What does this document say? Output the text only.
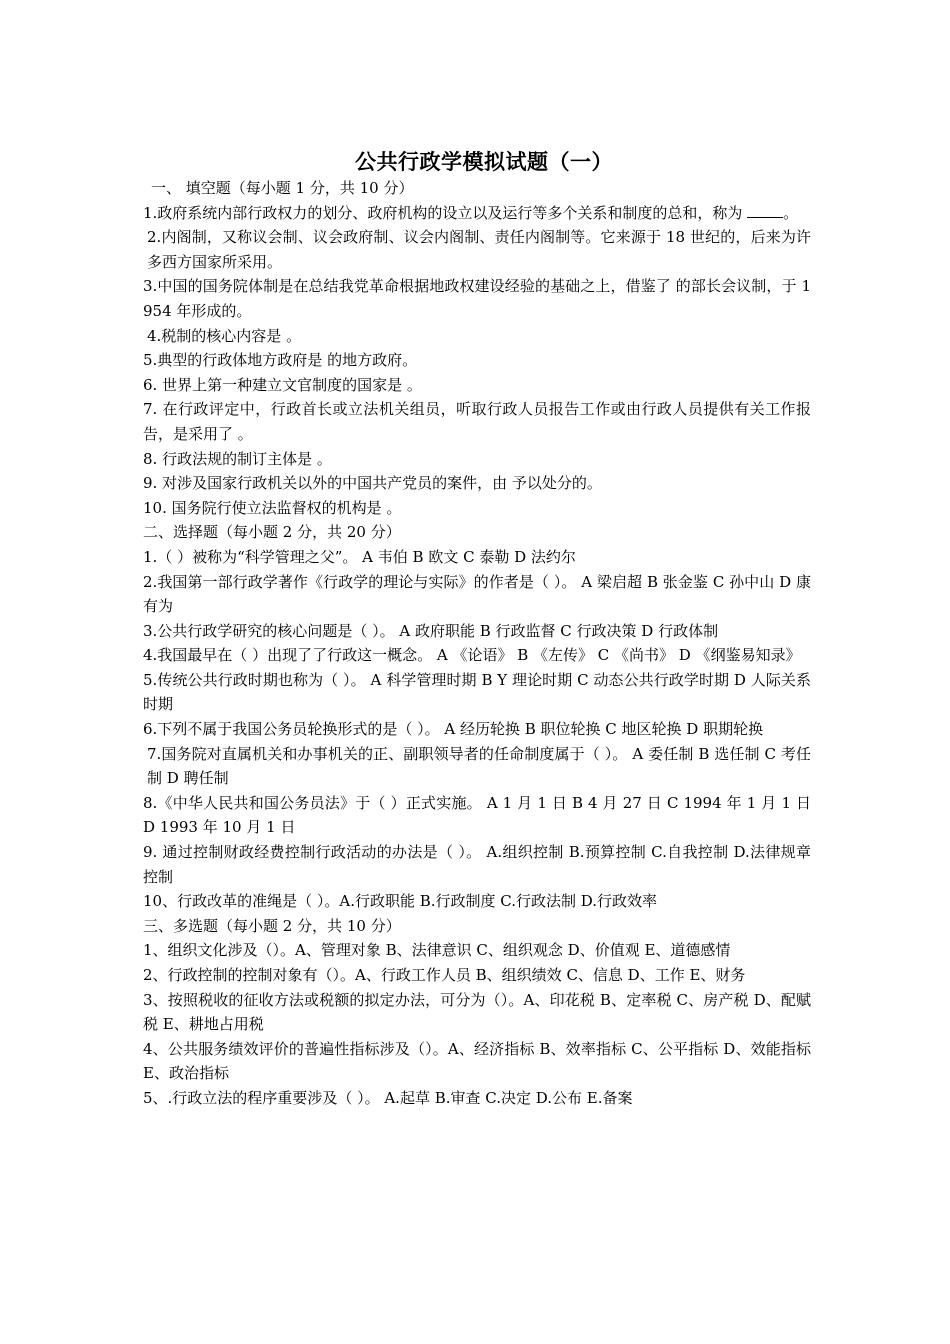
公共行政学模拟试题（一）

一、 填空题（每小题 1 分，共 10 分）

1.政府系统内部行政权力的划分、政府机构的设立以及运行等多个关系和制度的总和，称为 。

2.内阁制，又称议会制、议会政府制、议会内阁制、责任内阁制等。它来源于 18 世纪的，后来为许多西方国家所采用。

3.中国的国务院体制是在总结我党革命根据地政权建设经验的基础之上，借鉴了 的部长会议制，于 1954 年形成的。

4.税制的核心内容是 。

5.典型的行政体地方政府是 的地方政府。

6. 世界上第一种建立文官制度的国家是 。

7. 在行政评定中，行政首长或立法机关组员，听取行政人员报告工作或由行政人员提供有关工作报告，是采用了 。

8. 行政法规的制订主体是 。

9. 对涉及国家行政机关以外的中国共产党员的案件，由 予以处分的。

10. 国务院行使立法监督权的机构是 。

二、选择题（每小题 2 分，共 20 分）

1.（ ）被称为“科学管理之父”。 A 韦伯 B 欧文 C 泰勒 D 法约尔

2.我国第一部行政学著作《行政学的理论与实际》的作者是（ ）。 A 梁启超 B 张金鉴 C 孙中山 D 康有为

3.公共行政学研究的核心问题是（ ）。 A 政府职能 B 行政监督 C 行政决策 D 行政体制

4.我国最早在（ ）出现了了行政这一概念。 A 《论语》 B 《左传》 C 《尚书》 D 《纲鉴易知录》

5.传统公共行政时期也称为（ ）。 A 科学管理时期 B Y 理论时期 C 动态公共行政学时期 D 人际关系时期

6.下列不属于我国公务员轮换形式的是（ ）。 A 经历轮换 B 职位轮换 C 地区轮换 D 职期轮换

7.国务院对直属机关和办事机关的正、副职领导者的任命制度属于（ ）。 A 委任制 B 选任制 C 考任制 D 聘任制

8.《中华人民共和国公务员法》于（ ）正式实施。 A 1 月 1 日 B 4 月 27 日 C 1994 年 1 月 1 日 D 1993 年 10 月 1 日

9. 通过控制财政经费控制行政活动的办法是（ ）。 A.组织控制 B.预算控制 C.自我控制 D.法律规章控制

10、行政改革的准绳是（ ）。A.行政职能 B.行政制度 C.行政法制 D.行政效率

三、多选题（每小题 2 分，共 10 分）

1、组织文化涉及（）。A、管理对象 B、法律意识 C、组织观念 D、价值观 E、道德感情

2、行政控制的控制对象有（）。A、行政工作人员 B、组织绩效 C、信息 D、工作 E、财务

3、按照税收的征收方法或税额的拟定办法，可分为（）。A、印花税 B、定率税 C、房产税 D、配赋税 E、耕地占用税

4、公共服务绩效评价的普遍性指标涉及（）。A、经济指标 B、效率指标 C、公平指标 D、效能指标 E、政治指标

5、.行政立法的程序重要涉及（ ）。 A.起草 B.审查 C.决定 D.公布 E.备案
